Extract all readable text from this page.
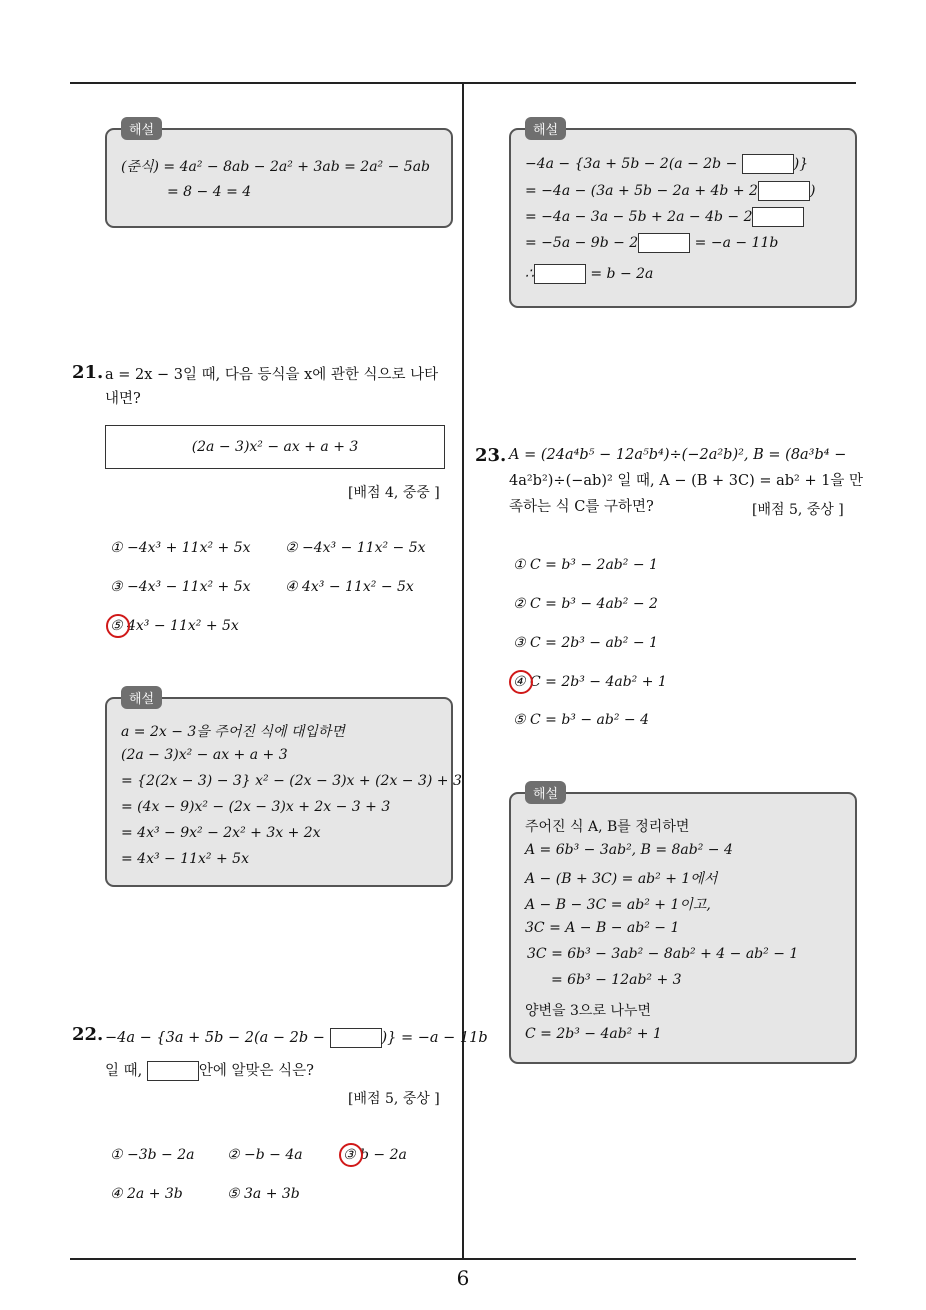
6
해설
(준식) = 4a² − 8ab − 2a² + 3ab = 2a² − 5ab
= 8 − 4 = 4
해설
−4a − {3a + 5b − 2(a − 2b −	)}
= −4a − (3a + 5b − 2a + 4b + 2	)
= −4a − 3a − 5b + 2a − 4b − 2
= −5a − 9b − 2	= −a − 11b
∴	= b − 2a
21. a = 2x − 3일 때, 다음 등식을 x에 관한 식으로 나타
내면?
(2a − 3)x² − ax + a + 3
[배점 4, 중중 ]
① −4x³ + 11x² + 5x ② −4x³ − 11x² − 5x
③ −4x³ − 11x² + 5x ④ 4x³ − 11x² − 5x
⑤ 4x³ − 11x² + 5x
해설
a = 2x − 3을 주어진 식에 대입하면
(2a − 3)x² − ax + a + 3
= {2(2x − 3) − 3} x² − (2x − 3)x + (2x − 3) + 3
= (4x − 9)x² − (2x − 3)x + 2x − 3 + 3
= 4x³ − 9x² − 2x² + 3x + 2x
= 4x³ − 11x² + 5x
22. −4a − {3a + 5b − 2(a − 2b −	)} = −a − 11b
일 때,	안에 알맞은 식은?
[배점 5, 중상 ]
① −3b − 2a ② −b − 4a	③ b − 2a
④ 2a + 3b	⑤ 3a + 3b
23. A = (24a⁴b⁵ − 12a⁵b⁴)÷(−2a²b)², B = (8a³b⁴ −
4a²b²)÷(−ab)² 일 때, A − (B + 3C) = ab² + 1을 만
족하는 식 C를 구하면?	[배점 5, 중상 ]
① C = b³ − 2ab² − 1
② C = b³ − 4ab² − 2
③ C = 2b³ − ab² − 1
④ C = 2b³ − 4ab² + 1
⑤ C = b³ − ab² − 4
해설
주어진 식 A, B를 정리하면
A = 6b³ − 3ab², B = 8ab² − 4
A − (B + 3C) = ab² + 1에서
A − B − 3C = ab² + 1이고,
3C = A − B − ab² − 1
3C = 6b³ − 3ab² − 8ab² + 4 − ab² − 1
= 6b³ − 12ab² + 3
양변을 3으로 나누면
C = 2b³ − 4ab² + 1
